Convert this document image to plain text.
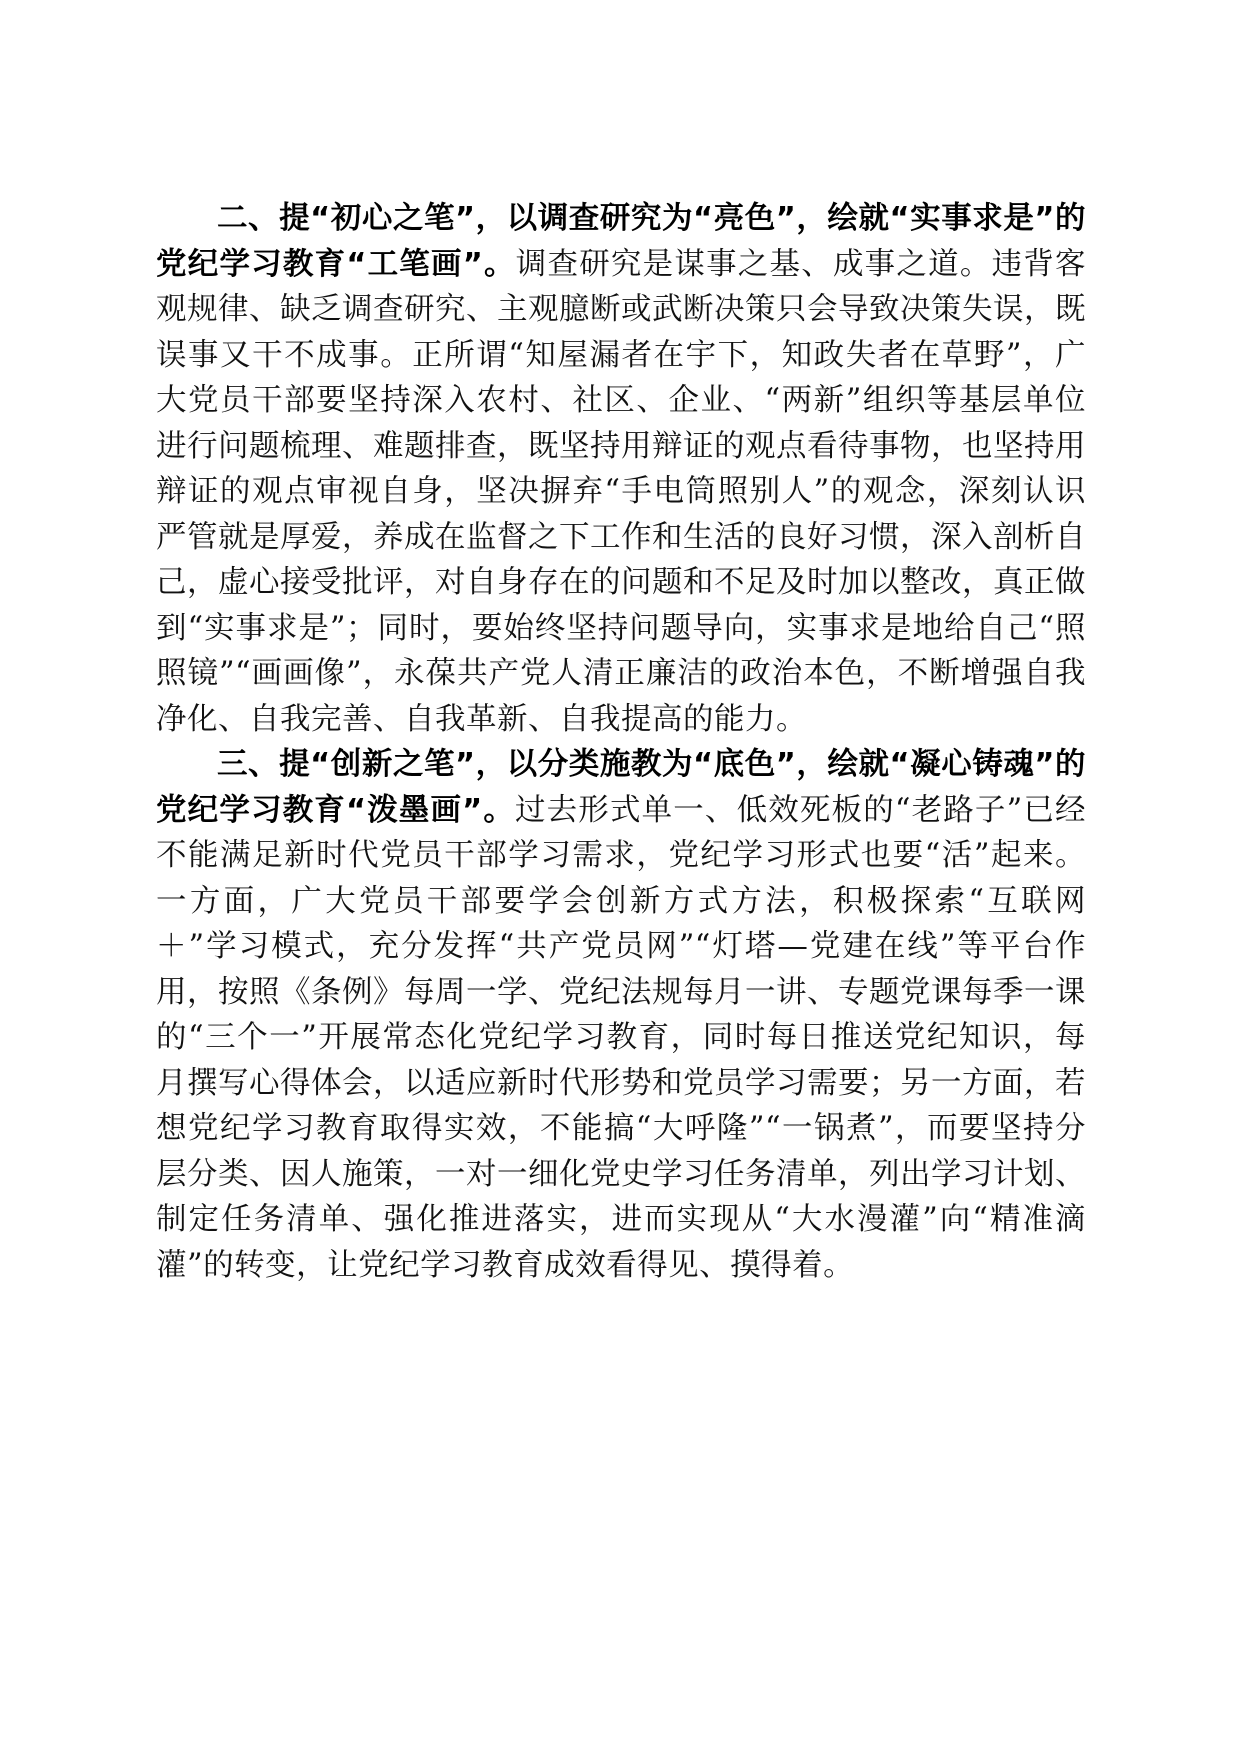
二、提“初心之笔”，以调查研究为“亮色”，绘就“实事求是”的党纪学习教育“工笔画”。调查研究是谋事之基、成事之道。违背客观规律、缺乏调查研究、主观臆断或武断决策只会导致决策失误，既误事又干不成事。正所谓“知屋漏者在宇下，知政失者在草野”，广大党员干部要坚持深入农村、社区、企业、“两新”组织等基层单位进行问题梳理、难题排查，既坚持用辩证的观点看待事物，也坚持用辩证的观点审视自身，坚决摒弃“手电筒照别人”的观念，深刻认识严管就是厚爱，养成在监督之下工作和生活的良好习惯，深入剖析自己，虚心接受批评，对自身存在的问题和不足及时加以整改，真正做到“实事求是”；同时，要始终坚持问题导向，实事求是地给自己“照照镜”“画画像”，永葆共产党人清正廉洁的政治本色，不断增强自我净化、自我完善、自我革新、自我提高的能力。

三、提“创新之笔”，以分类施教为“底色”，绘就“凝心铸魂”的党纪学习教育“泼墨画”。过去形式单一、低效死板的“老路子”已经不能满足新时代党员干部学习需求，党纪学习形式也要“活”起来。一方面，广大党员干部要学会创新方式方法，积极探索“互联网＋”学习模式，充分发挥“共产党员网”“灯塔—党建在线”等平台作用，按照《条例》每周一学、党纪法规每月一讲、专题党课每季一课的“三个一”开展常态化党纪学习教育，同时每日推送党纪知识，每月撰写心得体会，以适应新时代形势和党员学习需要；另一方面，若想党纪学习教育取得实效，不能搞“大呼隆”“一锅煮”，而要坚持分层分类、因人施策，一对一细化党史学习任务清单，列出学习计划、制定任务清单、强化推进落实，进而实现从“大水漫灌”向“精准滴灌”的转变，让党纪学习教育成效看得见、摸得着。
